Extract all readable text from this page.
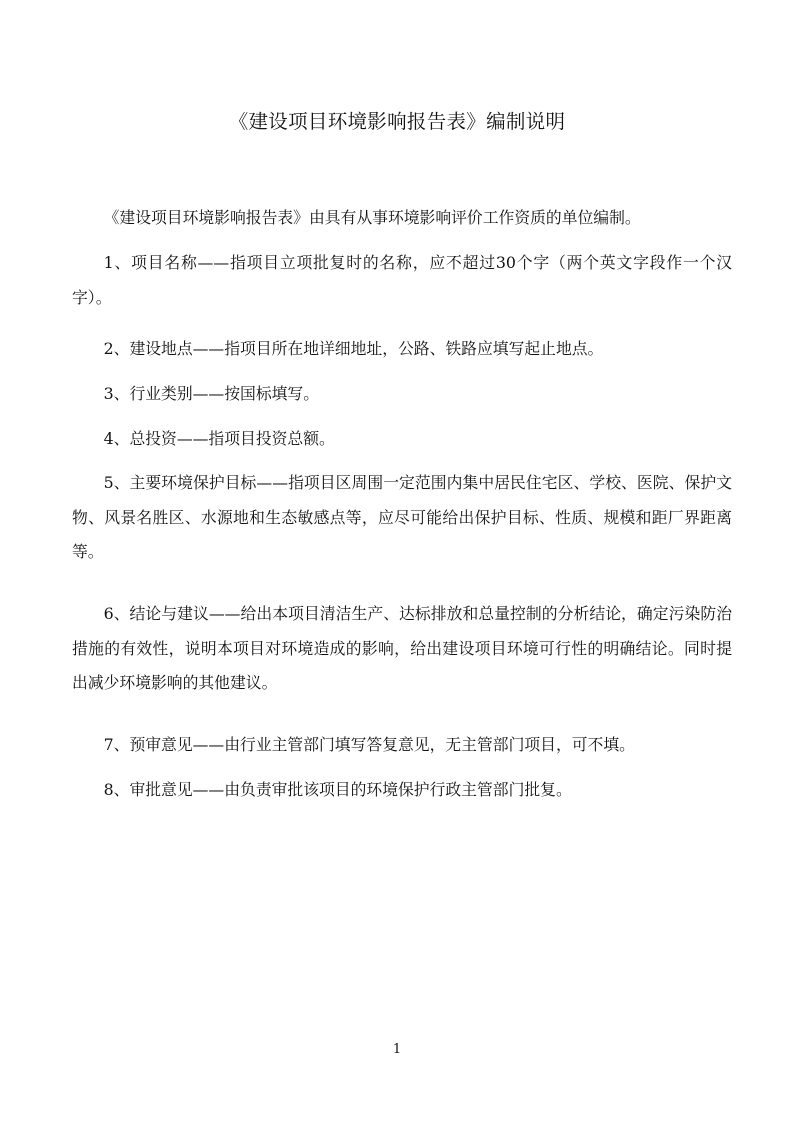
《建设项目环境影响报告表》编制说明

《建设项目环境影响报告表》由具有从事环境影响评价工作资质的单位编制。

1、项目名称——指项目立项批复时的名称，应不超过30个字（两个英文字段作一个汉字）。

2、建设地点——指项目所在地详细地址，公路、铁路应填写起止地点。

3、行业类别——按国标填写。

4、总投资——指项目投资总额。

5、主要环境保护目标——指项目区周围一定范围内集中居民住宅区、学校、医院、保护文物、风景名胜区、水源地和生态敏感点等，应尽可能给出保护目标、性质、规模和距厂界距离等。

6、结论与建议——给出本项目清洁生产、达标排放和总量控制的分析结论，确定污染防治措施的有效性，说明本项目对环境造成的影响，给出建设项目环境可行性的明确结论。同时提出减少环境影响的其他建议。

7、预审意见——由行业主管部门填写答复意见，无主管部门项目，可不填。

8、审批意见——由负责审批该项目的环境保护行政主管部门批复。

1
